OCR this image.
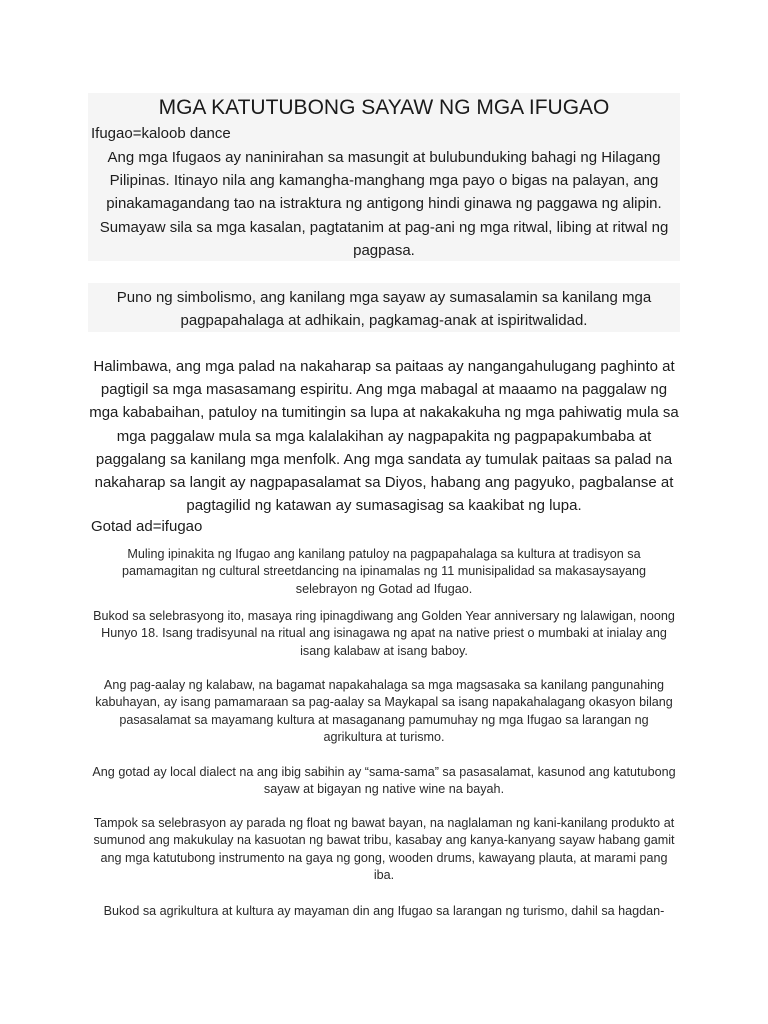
MGA KATUTUBONG SAYAW NG MGA IFUGAO

Ifugao=kaloob dance

Ang mga Ifugaos ay naninirahan sa masungit at bulubunduking bahagi ng Hilagang Pilipinas. Itinayo nila ang kamangha-manghang mga payo o bigas na palayan, ang pinakamagandang tao na istraktura ng antigong hindi ginawa ng paggawa ng alipin. Sumayaw sila sa mga kasalan, pagtatanim at pag-ani ng mga ritwal, libing at ritwal ng pagpasa.

Puno ng simbolismo, ang kanilang mga sayaw ay sumasalamin sa kanilang mga pagpapahalaga at adhikain, pagkamag-anak at ispiritwalidad.

Halimbawa, ang mga palad na nakaharap sa paitaas ay nangangahulugang paghinto at pagtigil sa mga masasamang espiritu. Ang mga mabagal at maaamo na paggalaw ng mga kababaihan, patuloy na tumitingin sa lupa at nakakakuha ng mga pahiwatig mula sa mga paggalaw mula sa mga kalalakihan ay nagpapakita ng pagpapakumbaba at paggalang sa kanilang mga menfolk. Ang mga sandata ay tumulak paitaas sa palad na nakaharap sa langit ay nagpapasalamat sa Diyos, habang ang pagyuko, pagbalanse at pagtagilid ng katawan ay sumasagisag sa kaakibat ng lupa.

Gotad ad=ifugao

Muling ipinakita ng Ifugao ang kanilang patuloy na pagpapahalaga sa kultura at tradisyon sa pamamagitan ng cultural streetdancing na ipinamalas ng 11 munisipalidad sa makasaysayang selebrayon ng Gotad ad Ifugao.

Bukod sa selebrasyong ito, masaya ring ipinagdiwang ang Golden Year anniversary ng lalawigan, noong Hunyo 18. Isang tradisyunal na ritual ang isinagawa ng apat na native priest o mumbaki at inialay ang isang kalabaw at isang baboy.

Ang pag-aalay ng kalabaw, na bagamat napakahalaga sa mga magsasaka sa kanilang pangunahing kabuhayan, ay isang pamamaraan sa pag-aalay sa Maykapal sa isang napakahalagang okasyon bilang pasasalamat sa mayamang kultura at masaganang pamumuhay ng mga Ifugao sa larangan ng agrikultura at turismo.

Ang gotad ay local dialect na ang ibig sabihin ay “sama-sama” sa pasasalamat, kasunod ang katutubong sayaw at bigayan ng native wine na bayah.

Tampok sa selebrasyon ay parada ng float ng bawat bayan, na naglalaman ng kani-kanilang produkto at sumunod ang makukulay na kasuotan ng bawat tribu, kasabay ang kanya-kanyang sayaw habang gamit ang mga katutubong instrumento na gaya ng gong, wooden drums, kawayang plauta, at marami pang iba.

Bukod sa agrikultura at kultura ay mayaman din ang Ifugao sa larangan ng turismo, dahil sa hagdan-
